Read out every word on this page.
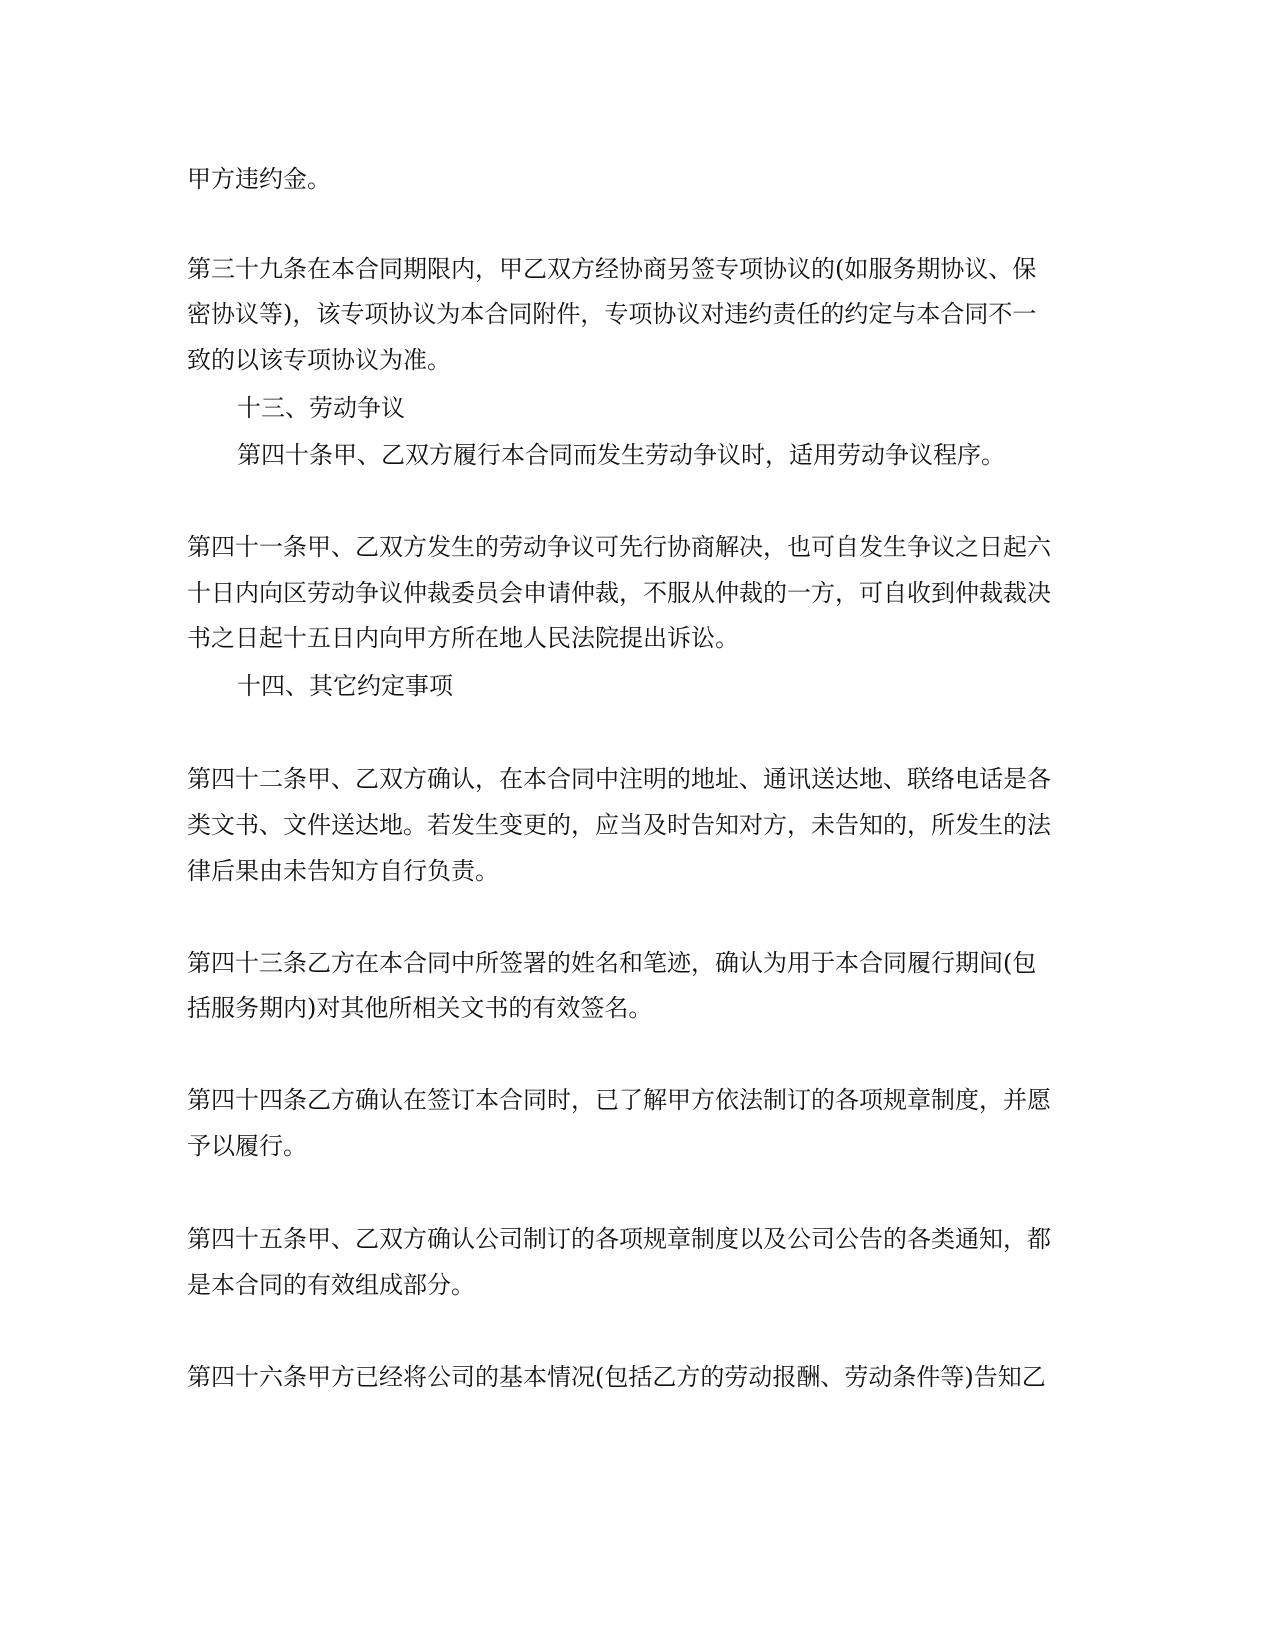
甲方违约金。

第三十九条在本合同期限内，甲乙双方经协商另签专项协议的(如服务期协议、保

密协议等)，该专项协议为本合同附件，专项协议对违约责任的约定与本合同不一

致的以该专项协议为准。

十三、劳动争议

第四十条甲、乙双方履行本合同而发生劳动争议时，适用劳动争议程序。

第四十一条甲、乙双方发生的劳动争议可先行协商解决，也可自发生争议之日起六

十日内向区劳动争议仲裁委员会申请仲裁，不服从仲裁的一方，可自收到仲裁裁决

书之日起十五日内向甲方所在地人民法院提出诉讼。

十四、其它约定事项

第四十二条甲、乙双方确认，在本合同中注明的地址、通讯送达地、联络电话是各

类文书、文件送达地。若发生变更的，应当及时告知对方，未告知的，所发生的法

律后果由未告知方自行负责。

第四十三条乙方在本合同中所签署的姓名和笔迹，确认为用于本合同履行期间(包

括服务期内)对其他所相关文书的有效签名。

第四十四条乙方确认在签订本合同时，已了解甲方依法制订的各项规章制度，并愿

予以履行。

第四十五条甲、乙双方确认公司制订的各项规章制度以及公司公告的各类通知，都

是本合同的有效组成部分。

第四十六条甲方已经将公司的基本情况(包括乙方的劳动报酬、劳动条件等)告知乙
